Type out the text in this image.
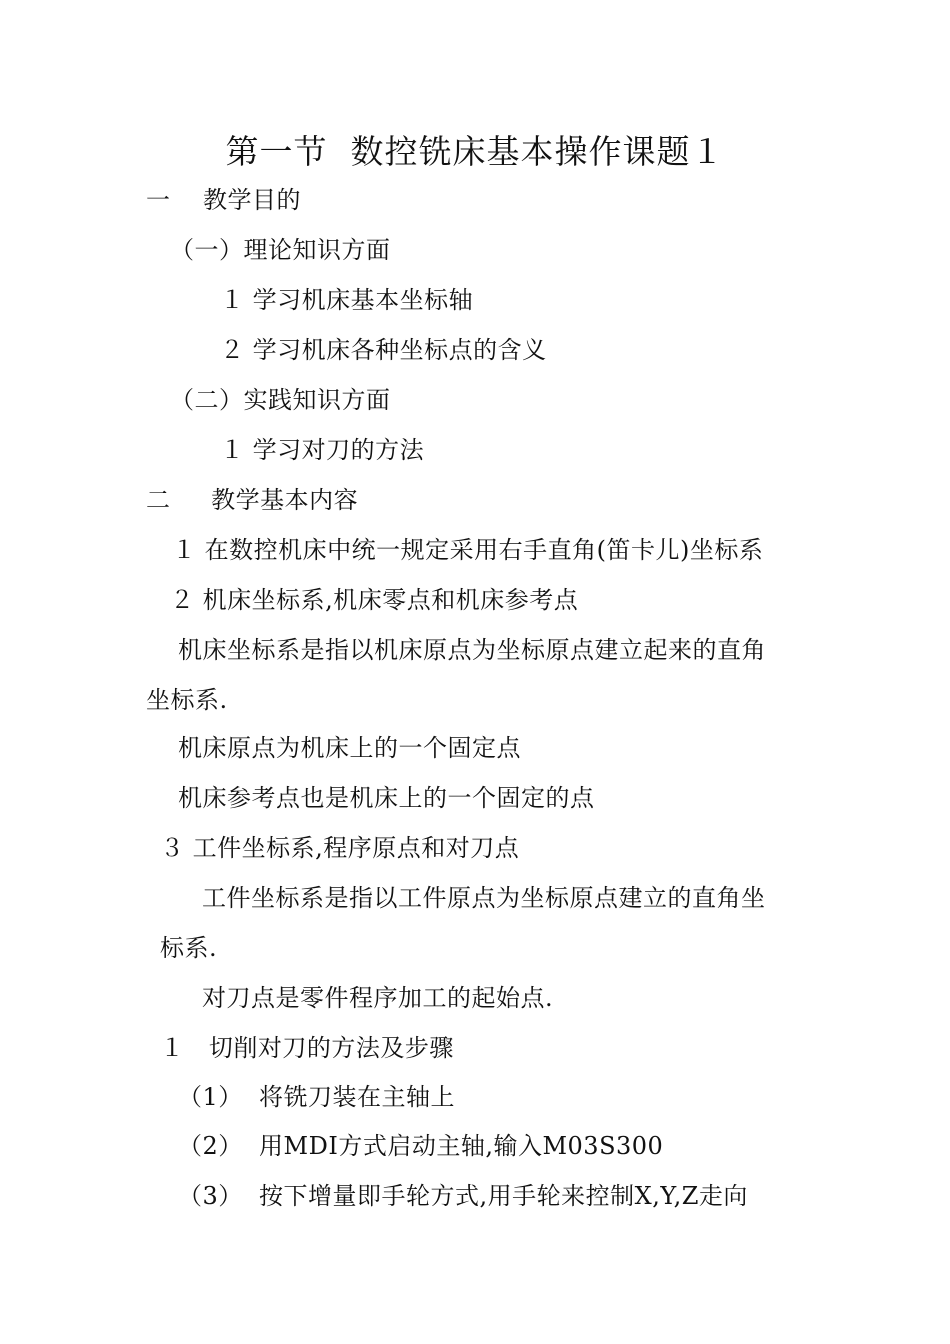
第一节  数控铣床基本操作课题１
一    教学目的
（一）理论知识方面
１ 学习机床基本坐标轴
２ 学习机床各种坐标点的含义
（二）实践知识方面
１ 学习对刀的方法
二     教学基本内容
１ 在数控机床中统一规定采用右手直角(笛卡儿)坐标系
２ 机床坐标系,机床零点和机床参考点
机床坐标系是指以机床原点为坐标原点建立起来的直角
坐标系.
机床原点为机床上的一个固定点
机床参考点也是机床上的一个固定的点
３ 工件坐标系,程序原点和对刀点
工件坐标系是指以工件原点为坐标原点建立的直角坐
标系.
对刀点是零件程序加工的起始点.
１   切削对刀的方法及步骤
（1）  将铣刀装在主轴上
（2）  用MDI方式启动主轴,输入M03S300
（3）  按下增量即手轮方式,用手轮来控制X,Y,Z走向
